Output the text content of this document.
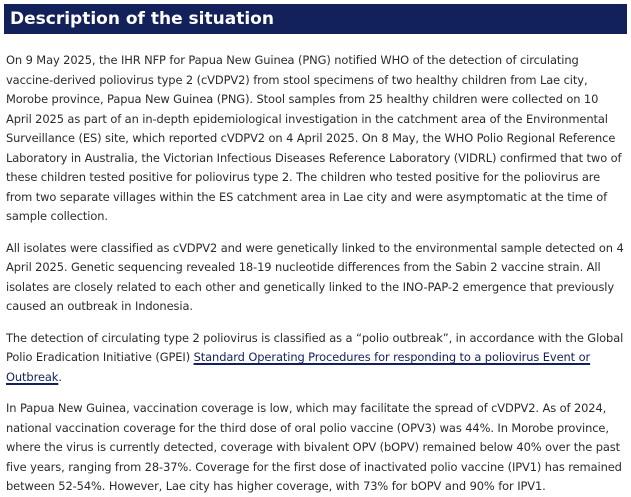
Description of the situation

On 9 May 2025, the IHR NFP for Papua New Guinea (PNG) notified WHO of the detection of circulating vaccine-derived poliovirus type 2 (cVDPV2) from stool specimens of two healthy children from Lae city, Morobe province, Papua New Guinea (PNG). Stool samples from 25 healthy children were collected on 10 April 2025 as part of an in-depth epidemiological investigation in the catchment area of the Environmental Surveillance (ES) site, which reported cVDPV2 on 4 April 2025. On 8 May, the WHO Polio Regional Reference Laboratory in Australia, the Victorian Infectious Diseases Reference Laboratory (VIDRL) confirmed that two of these children tested positive for poliovirus type 2. The children who tested positive for the poliovirus are from two separate villages within the ES catchment area in Lae city and were asymptomatic at the time of sample collection.

All isolates were classified as cVDPV2 and were genetically linked to the environmental sample detected on 4 April 2025. Genetic sequencing revealed 18-19 nucleotide differences from the Sabin 2 vaccine strain. All isolates are closely related to each other and genetically linked to the INO-PAP-2 emergence that previously caused an outbreak in Indonesia.

The detection of circulating type 2 poliovirus is classified as a “polio outbreak”, in accordance with the Global Polio Eradication Initiative (GPEI) Standard Operating Procedures for responding to a poliovirus Event or Outbreak.

In Papua New Guinea, vaccination coverage is low, which may facilitate the spread of cVDPV2. As of 2024, national vaccination coverage for the third dose of oral polio vaccine (OPV3) was 44%. In Morobe province, where the virus is currently detected, coverage with bivalent OPV (bOPV) remained below 40% over the past five years, ranging from 28-37%. Coverage for the first dose of inactivated polio vaccine (IPV1) has remained between 52-54%. However, Lae city has higher coverage, with 73% for bOPV and 90% for IPV1.
